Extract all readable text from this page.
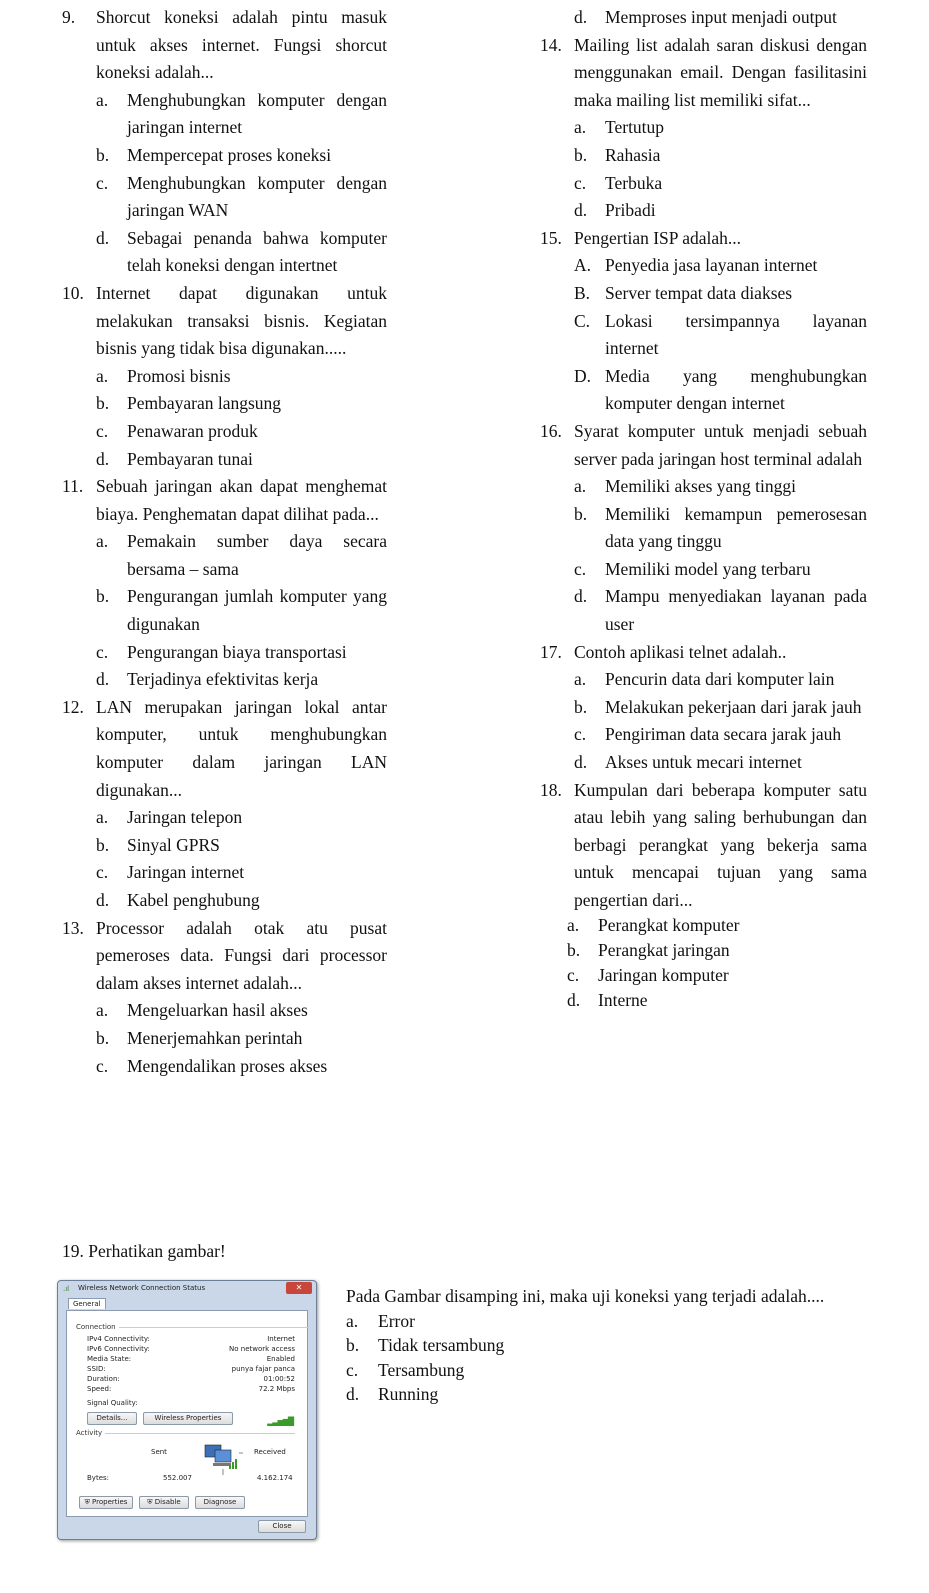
9.	Shorcut koneksi adalah pintu masuk untuk akses internet. Fungsi shorcut koneksi adalah...
a.	Menghubungkan komputer dengan jaringan internet
b.	Mempercepat proses koneksi
c.	Menghubungkan komputer dengan jaringan WAN
d.	Sebagai penanda bahwa komputer telah koneksi dengan intertnet
10. Internet dapat digunakan untuk melakukan transaksi bisnis. Kegiatan bisnis yang tidak bisa digunakan.....
a.	Promosi bisnis
b.	Pembayaran langsung
c.	Penawaran produk
d.	Pembayaran tunai
11. Sebuah jaringan akan dapat menghemat biaya. Penghematan dapat dilihat pada...
a.	Pemakain sumber daya secara bersama – sama
b.	Pengurangan jumlah komputer yang digunakan
c.	Pengurangan biaya transportasi
d.	Terjadinya efektivitas kerja
12. LAN merupakan jaringan lokal antar komputer, untuk menghubungkan komputer dalam jaringan LAN digunakan...
a.	Jaringan telepon
b.	Sinyal GPRS
c.	Jaringan internet
d.	Kabel penghubung
13. Processor adalah otak atu pusat pemeroses data. Fungsi dari processor dalam akses internet adalah...
a.	Mengeluarkan hasil akses
b.	Menerjemahkan perintah
c.	Mengendalikan proses akses
d.	Memproses input menjadi output
14. Mailing list adalah saran diskusi dengan menggunakan email. Dengan fasilitasini maka mailing list memiliki sifat...
a.	Tertutup
b.	Rahasia
c.	Terbuka
d.	Pribadi
15. Pengertian ISP adalah...
A. Penyedia jasa layanan internet
B. Server tempat data diakses
C. Lokasi tersimpannya layanan internet
D. Media yang menghubungkan komputer dengan internet
16. Syarat komputer untuk menjadi sebuah server pada jaringan host terminal adalah
a.	Memiliki akses yang tinggi
b.	Memiliki kemampun pemerosesan data yang tinggu
c.	Memiliki model yang terbaru
d.	Mampu menyediakan layanan pada user
17. Contoh aplikasi telnet adalah..
a.	Pencurin data dari komputer lain
b.	Melakukan pekerjaan dari jarak jauh
c.	Pengiriman data secara jarak jauh
d.	Akses untuk mecari internet
18. Kumpulan dari beberapa komputer satu atau lebih yang saling berhubungan dan berbagi perangkat yang bekerja sama untuk mencapai tujuan yang sama pengertian dari...
a.	Perangkat komputer
b.	Perangkat jaringan
c.	Jaringan komputer
d.	Interne
19. Perhatikan gambar!
.ıl Wireless Network Connection Status	✕
General
Connection
IPv4 Connectivity:	Internet
IPv6 Connectivity:	No network access
Media State:	Enabled
SSID:	punya fajar panca
Duration:	01:00:52
Speed:	72.2 Mbps
Signal Quality:
▂▃▅▆█
Details...	Wireless Properties
Activity
Sent	Received
Bytes:	552.007	4.162.174
⛨ Properties	⛨ Disable	Diagnose
Close
Pada Gambar disamping ini, maka uji koneksi yang terjadi adalah....
a.	Error
b.	Tidak tersambung
c.	Tersambung
d.	Running
